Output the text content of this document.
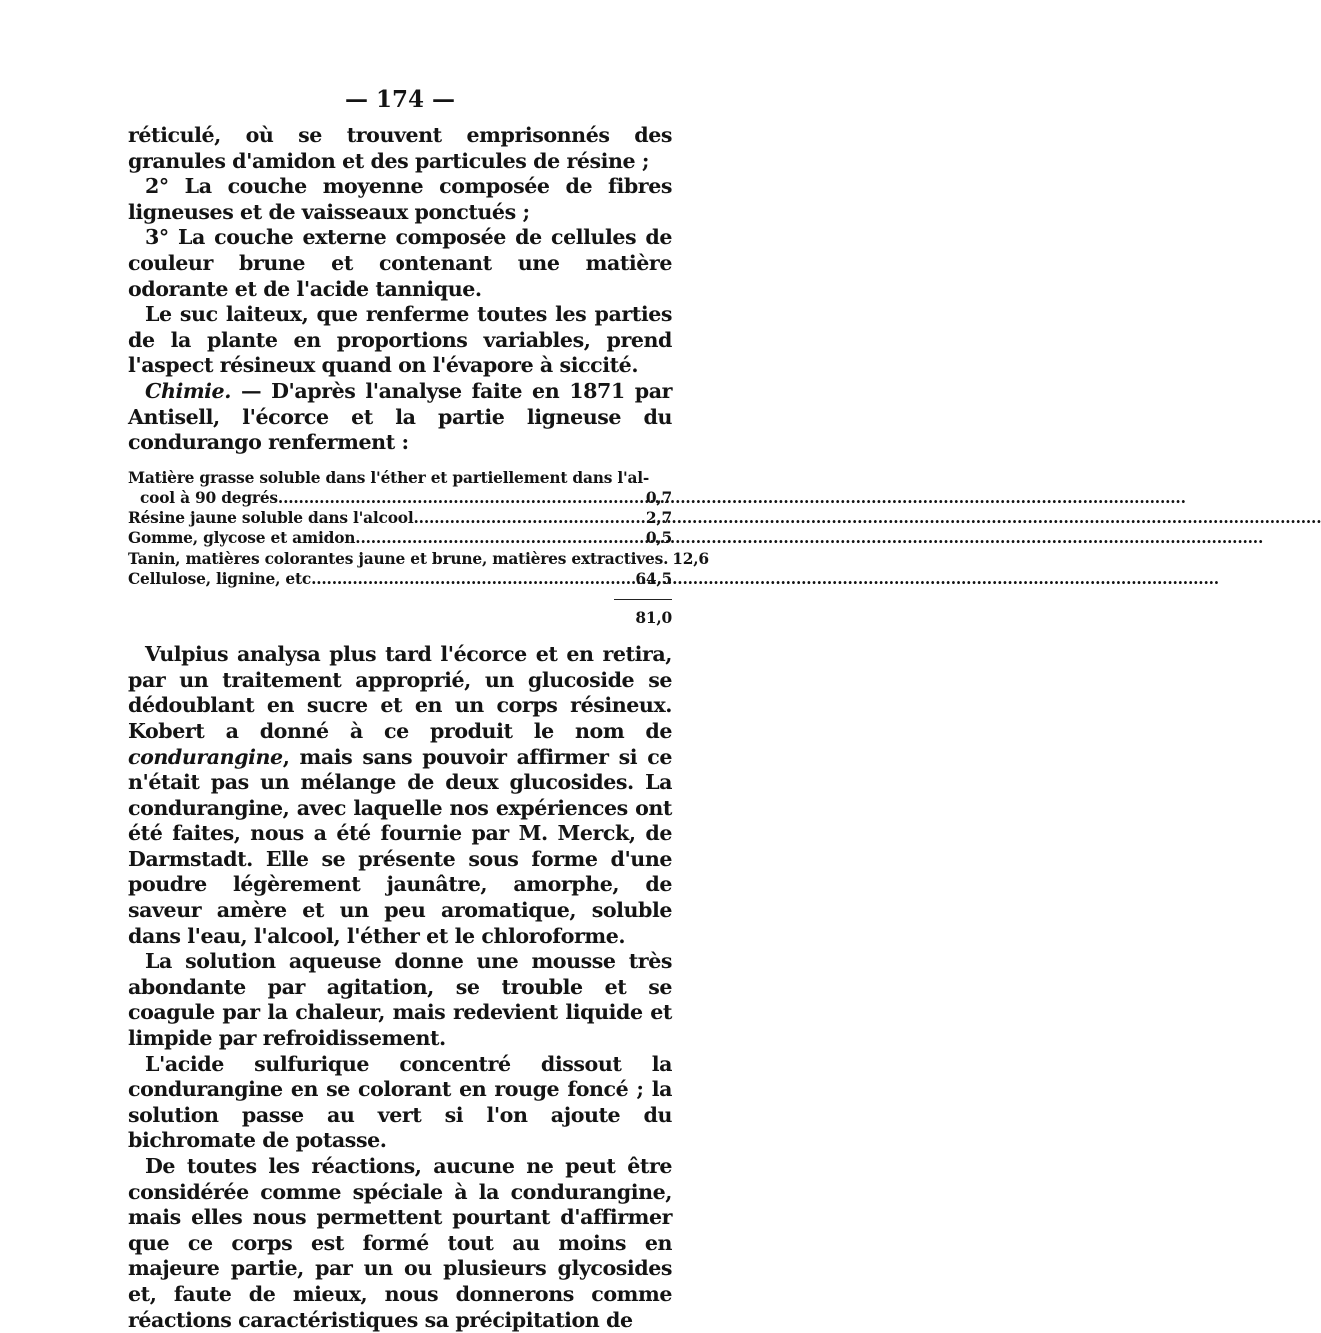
— 174 —

réticulé, où se trouvent emprisonnés des granules d'amidon et des particules de résine ;

2° La couche moyenne composée de fibres ligneuses et de vaisseaux ponctués ;

3° La couche externe composée de cellules de couleur brune et contenant une matière odorante et de l'acide tannique.

Le suc laiteux, que renferme toutes les parties de la plante en proportions variables, prend l'aspect résineux quand on l'évapore à siccité.

Chimie. — D'après l'analyse faite en 1871 par Antisell, l'écorce et la partie ligneuse du condurango renferment :

Matière grasse soluble dans l'éther et partiellement dans l'al-
cool à 90 degrés .....	0,7
Résine jaune soluble dans l'alcool .....	2,7
Gomme, glycose et amidon .....	0,5
Tanin, matières colorantes jaune et brune, matières extractives. 12,6
Cellulose, lignine, etc .....	64,5
81,0

Vulpius analysa plus tard l'écorce et en retira, par un traitement approprié, un glucoside se dédoublant en sucre et en un corps résineux. Kobert a donné à ce produit le nom de condurangine, mais sans pouvoir affirmer si ce n'était pas un mélange de deux glucosides. La condurangine, avec laquelle nos expériences ont été faites, nous a été fournie par M. Merck, de Darmstadt. Elle se présente sous forme d'une poudre légèrement jaunâtre, amorphe, de saveur amère et un peu aromatique, soluble dans l'eau, l'alcool, l'éther et le chloroforme.

La solution aqueuse donne une mousse très abondante par agitation, se trouble et se coagule par la chaleur, mais redevient liquide et limpide par refroidissement.

L'acide sulfurique concentré dissout la condurangine en se colorant en rouge foncé ; la solution passe au vert si l'on ajoute du bichromate de potasse.

De toutes les réactions, aucune ne peut être considérée comme spéciale à la condurangine, mais elles nous permettent pourtant d'affirmer que ce corps est formé tout au moins en majeure partie, par un ou plusieurs glycosides et, faute de mieux, nous donnerons comme réactions caractéristiques sa précipitation de
